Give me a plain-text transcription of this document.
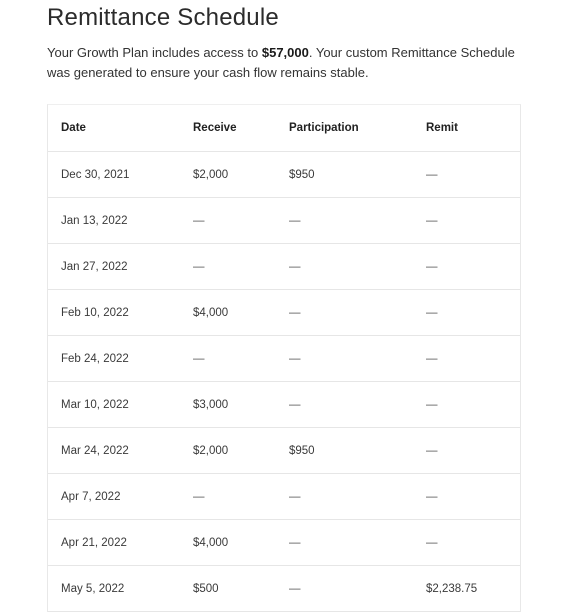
Remittance Schedule

Your Growth Plan includes access to $57,000. Your custom Remittance Schedule was generated to ensure your cash flow remains stable.

Date	Receive	Participation	Remit
Dec 30, 2021	$2,000	$950	—
Jan 13, 2022	—	—	—
Jan 27, 2022	—	—	—
Feb 10, 2022	$4,000	—	—
Feb 24, 2022	—	—	—
Mar 10, 2022	$3,000	—	—
Mar 24, 2022	$2,000	$950	—
Apr 7, 2022	—	—	—
Apr 21, 2022	$4,000	—	—
May 5, 2022	$500	—	$2,238.75
